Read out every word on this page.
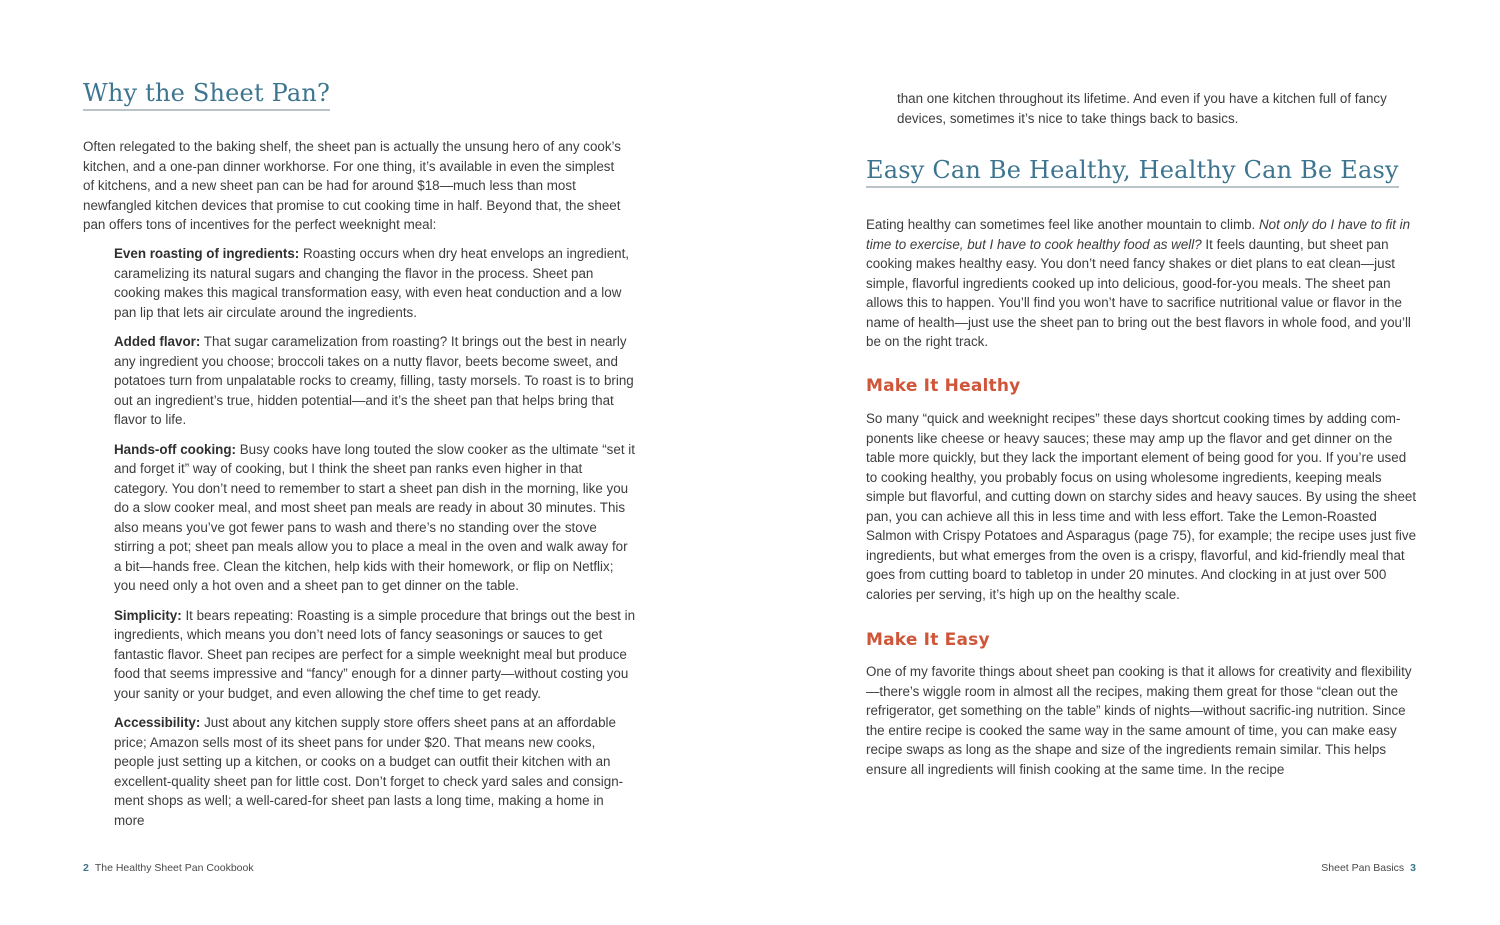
Why the Sheet Pan?

Often relegated to the baking shelf, the sheet pan is actually the unsung hero of any cook’s kitchen, and a one-pan dinner workhorse. For one thing, it’s available in even the simplest of kitchens, and a new sheet pan can be had for around $18—much less than most newfangled kitchen devices that promise to cut cooking time in half. Beyond that, the sheet pan offers tons of incentives for the perfect weeknight meal:

Even roasting of ingredients: Roasting occurs when dry heat envelops an ingredient, caramelizing its natural sugars and changing the flavor in the process. Sheet pan cooking makes this magical transformation easy, with even heat conduction and a low pan lip that lets air circulate around the ingredients.

Added flavor: That sugar caramelization from roasting? It brings out the best in nearly any ingredient you choose; broccoli takes on a nutty flavor, beets become sweet, and potatoes turn from unpalatable rocks to creamy, filling, tasty morsels. To roast is to bring out an ingredient’s true, hidden potential—and it’s the sheet pan that helps bring that flavor to life.

Hands-off cooking: Busy cooks have long touted the slow cooker as the ultimate “set it and forget it” way of cooking, but I think the sheet pan ranks even higher in that category. You don’t need to remember to start a sheet pan dish in the morning, like you do a slow cooker meal, and most sheet pan meals are ready in about 30 minutes. This also means you’ve got fewer pans to wash and there’s no standing over the stove stirring a pot; sheet pan meals allow you to place a meal in the oven and walk away for a bit—hands free. Clean the kitchen, help kids with their homework, or flip on Netflix; you need only a hot oven and a sheet pan to get dinner on the table.

Simplicity: It bears repeating: Roasting is a simple procedure that brings out the best in ingredients, which means you don’t need lots of fancy seasonings or sauces to get fantastic flavor. Sheet pan recipes are perfect for a simple weeknight meal but produce food that seems impressive and “fancy” enough for a dinner party—without costing you your sanity or your budget, and even allowing the chef time to get ready.

Accessibility: Just about any kitchen supply store offers sheet pans at an affordable price; Amazon sells most of its sheet pans for under $20. That means new cooks, people just setting up a kitchen, or cooks on a budget can outfit their kitchen with an excellent-quality sheet pan for little cost. Don’t forget to check yard sales and consign-ment shops as well; a well-cared-for sheet pan lasts a long time, making a home in more

2 The Healthy Sheet Pan Cookbook

than one kitchen throughout its lifetime. And even if you have a kitchen full of fancy devices, sometimes it’s nice to take things back to basics.

Easy Can Be Healthy, Healthy Can Be Easy

Eating healthy can sometimes feel like another mountain to climb. Not only do I have to fit in time to exercise, but I have to cook healthy food as well? It feels daunting, but sheet pan cooking makes healthy easy. You don’t need fancy shakes or diet plans to eat clean—just simple, flavorful ingredients cooked up into delicious, good-for-you meals. The sheet pan allows this to happen. You’ll find you won’t have to sacrifice nutritional value or flavor in the name of health—just use the sheet pan to bring out the best flavors in whole food, and you’ll be on the right track.

Make It Healthy

So many “quick and weeknight recipes” these days shortcut cooking times by adding com-ponents like cheese or heavy sauces; these may amp up the flavor and get dinner on the table more quickly, but they lack the important element of being good for you. If you’re used to cooking healthy, you probably focus on using wholesome ingredients, keeping meals simple but flavorful, and cutting down on starchy sides and heavy sauces. By using the sheet pan, you can achieve all this in less time and with less effort. Take the Lemon-Roasted Salmon with Crispy Potatoes and Asparagus (page 75), for example; the recipe uses just five ingredients, but what emerges from the oven is a crispy, flavorful, and kid-friendly meal that goes from cutting board to tabletop in under 20 minutes. And clocking in at just over 500 calories per serving, it’s high up on the healthy scale.

Make It Easy

One of my favorite things about sheet pan cooking is that it allows for creativity and flexibility—there’s wiggle room in almost all the recipes, making them great for those “clean out the refrigerator, get something on the table” kinds of nights—without sacrific-ing nutrition. Since the entire recipe is cooked the same way in the same amount of time, you can make easy recipe swaps as long as the shape and size of the ingredients remain similar. This helps ensure all ingredients will finish cooking at the same time. In the recipe

Sheet Pan Basics 3
